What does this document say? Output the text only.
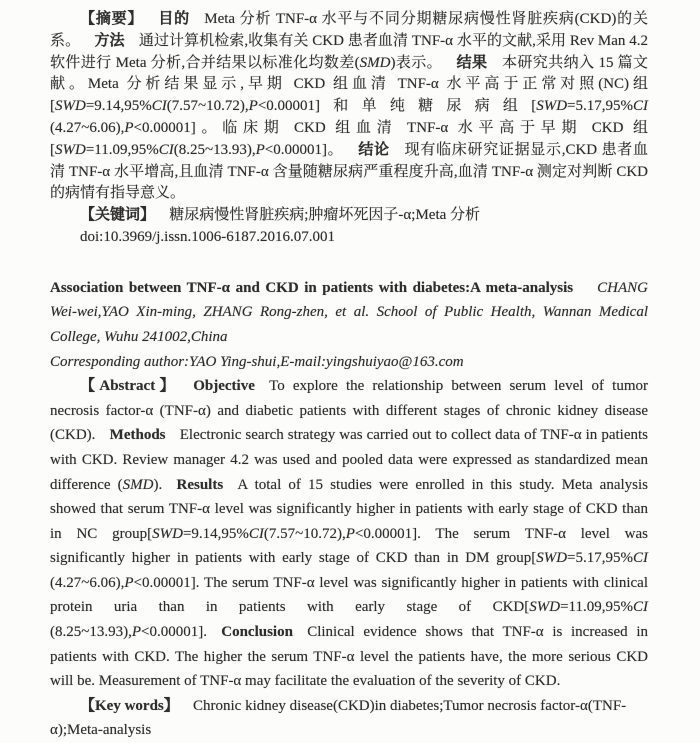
【摘要】 目的 Meta 分析 TNF-α 水平与不同分期糖尿病慢性肾脏疾病(CKD)的关系。 方法 通过计算机检索,收集有关 CKD 患者血清 TNF-α 水平的文献,采用 Rev Man 4.2 软件进行 Meta 分析,合并结果以标准化均数差(SMD)表示。 结果 本研究共纳入 15 篇文献。Meta 分析结果显示,早期 CKD 组血清 TNF-α 水平高于正常对照(NC)组[SWD=9.14,95%CI(7.57~10.72),P<0.00001]和单纯糖尿病组[SWD=5.17,95%CI (4.27~6.06),P<0.00001]。临床期 CKD 组血清 TNF-α 水平高于早期 CKD 组[SWD=11.09,95%CI(8.25~13.93),P<0.00001]。 结论 现有临床研究证据显示,CKD 患者血清 TNF-α 水平增高,且血清 TNF-α 含量随糖尿病严重程度升高,血清 TNF-α 测定对判断 CKD 的病情有指导意义。

【关键词】 糖尿病慢性肾脏疾病;肿瘤坏死因子-α;Meta 分析

doi:10.3969/j.issn.1006-6187.2016.07.001

Association between TNF-α and CKD in patients with diabetes:A meta-analysis CHANG Wei-wei,YAO Xin-ming, ZHANG Rong-zhen, et al. School of Public Health, Wannan Medical College, Wuhu 241002,China

Corresponding author:YAO Ying-shui,E-mail:yingshuiyao@163.com

【Abstract】 Objective To explore the relationship between serum level of tumor necrosis factor-α (TNF-α) and diabetic patients with different stages of chronic kidney disease (CKD). Methods Electronic search strategy was carried out to collect data of TNF-α in patients with CKD. Review manager 4.2 was used and pooled data were expressed as standardized mean difference (SMD). Results A total of 15 studies were enrolled in this study. Meta analysis showed that serum TNF-α level was significantly higher in patients with early stage of CKD than in NC group[SWD=9.14,95%CI(7.57~10.72),P<0.00001]. The serum TNF-α level was significantly higher in patients with early stage of CKD than in DM group[SWD=5.17,95%CI (4.27~6.06),P<0.00001]. The serum TNF-α level was significantly higher in patients with clinical protein uria than in patients with early stage of CKD[SWD=11.09,95%CI (8.25~13.93),P<0.00001]. Conclusion Clinical evidence shows that TNF-α is increased in patients with CKD. The higher the serum TNF-α level the patients have, the more serious CKD will be. Measurement of TNF-α may facilitate the evaluation of the severity of CKD.

【Key words】 Chronic kidney disease(CKD)in diabetes;Tumor necrosis factor-α(TNF-α);Meta-analysis
